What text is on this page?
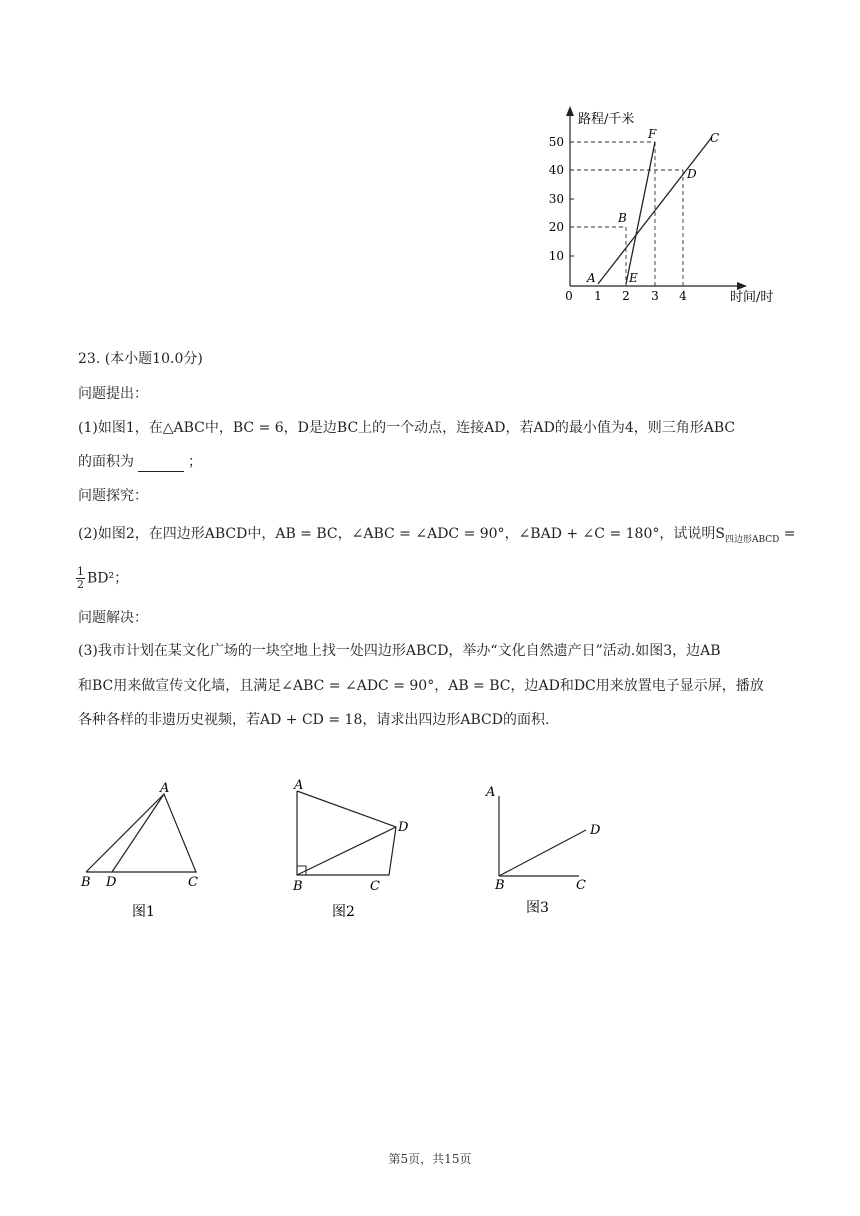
50
40
30
20
10
0 1 2 3 4
路程/千米
时间/时
A
B
C
D
E
F
23. (本小题10.0分)
问题提出：
(1)如图1，在△ABC中，BC = 6，D是边BC上的一个动点，连接AD，若AD的最小值为4，则三角形ABC
的面积为	；
问题探究：
(2)如图2，在四边形ABCD中，AB = BC，∠ABC = ∠ADC = 90°，∠BAD + ∠C = 180°，试说明$S_{四边形ABCD}$ =
$\frac{1}{2} BD^2$；
问题解决：
(3)我市计划在某文化广场的一块空地上找一处四边形ABCD，举办“文化自然遗产日”活动.如图3，边AB
和BC用来做宣传文化墙，且满足∠ABC = ∠ADC = 90°，AB = BC，边AD和DC用来放置电子显示屏，播放
各种各样的非遗历史视频，若AD + CD = 18，请求出四边形ABCD的面积.
A
B D	C
图1
A
B	C
D
图2
A
B	C
D
图3
第5页，共15页
